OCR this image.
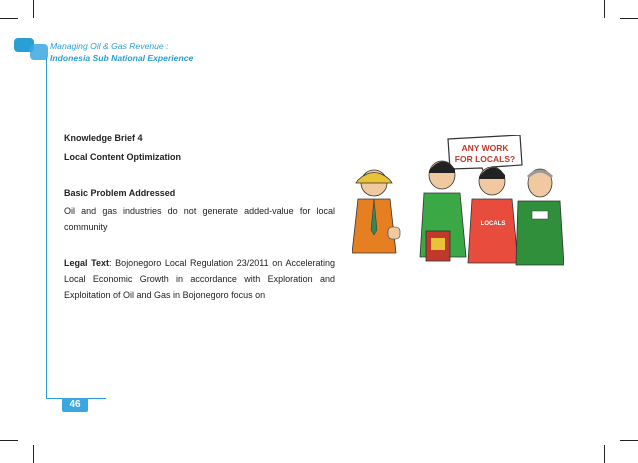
Managing Oil & Gas Revenue :
Indonesia Sub National Experience
46
Knowledge Brief 4
Local Content Optimization
Basic Problem Addressed
Oil and gas industries do not generate added-value for local community
Legal Text: Bojonegoro Local Regulation 23/2011 on Accelerating Local Economic Growth in accordance with Exploration and Exploitation of Oil and Gas in Bojonegoro focus on
ANY WORK
FOR LOCALS?
LOCALS
